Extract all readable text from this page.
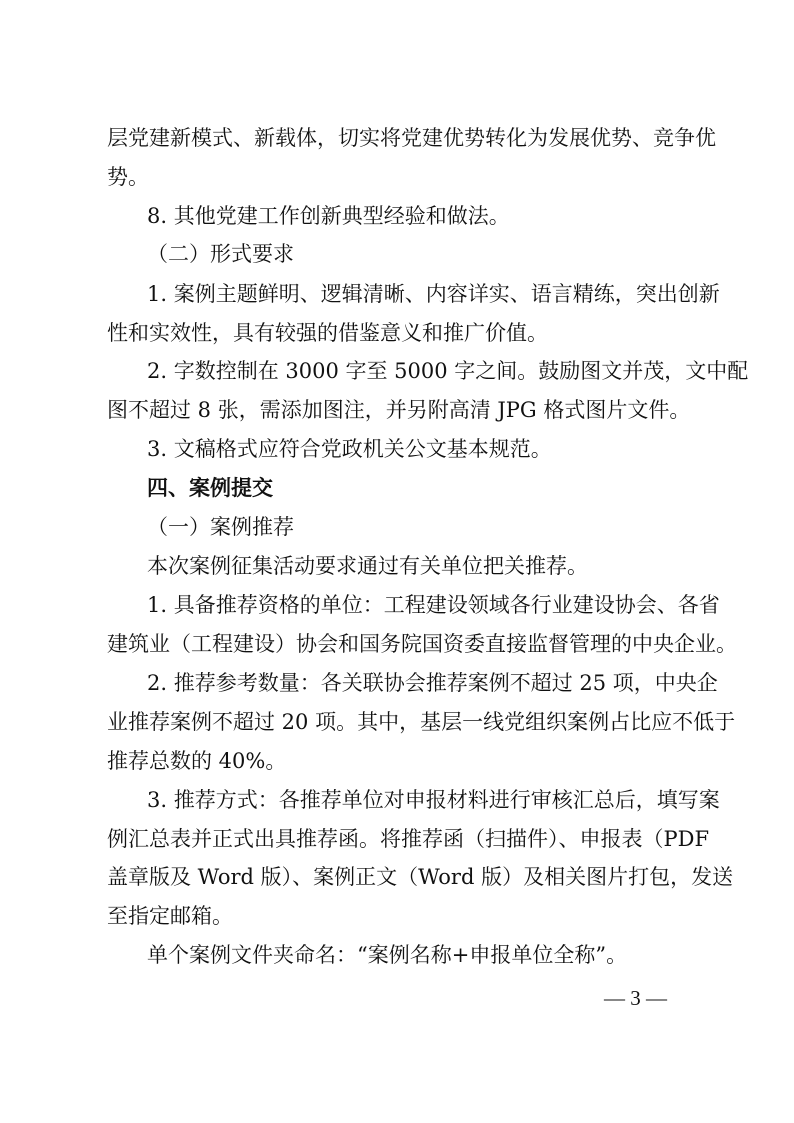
层党建新模式、新载体，切实将党建优势转化为发展优势、竞争优
势。
8. 其他党建工作创新典型经验和做法。
（二）形式要求
1. 案例主题鲜明、逻辑清晰、内容详实、语言精练，突出创新
性和实效性，具有较强的借鉴意义和推广价值。
2. 字数控制在 3000 字至 5000 字之间。鼓励图文并茂，文中配
图不超过 8 张，需添加图注，并另附高清 JPG 格式图片文件。
3. 文稿格式应符合党政机关公文基本规范。
四、案例提交
（一）案例推荐
本次案例征集活动要求通过有关单位把关推荐。
1. 具备推荐资格的单位：工程建设领域各行业建设协会、各省
建筑业（工程建设）协会和国务院国资委直接监督管理的中央企业。
2. 推荐参考数量：各关联协会推荐案例不超过 25 项，中央企
业推荐案例不超过 20 项。其中，基层一线党组织案例占比应不低于
推荐总数的 40%。
3. 推荐方式：各推荐单位对申报材料进行审核汇总后，填写案
例汇总表并正式出具推荐函。将推荐函（扫描件）、申报表（PDF
盖章版及 Word 版）、案例正文（Word 版）及相关图片打包，发送
至指定邮箱。
单个案例文件夹命名：“案例名称+申报单位全称”。
— 3 —
